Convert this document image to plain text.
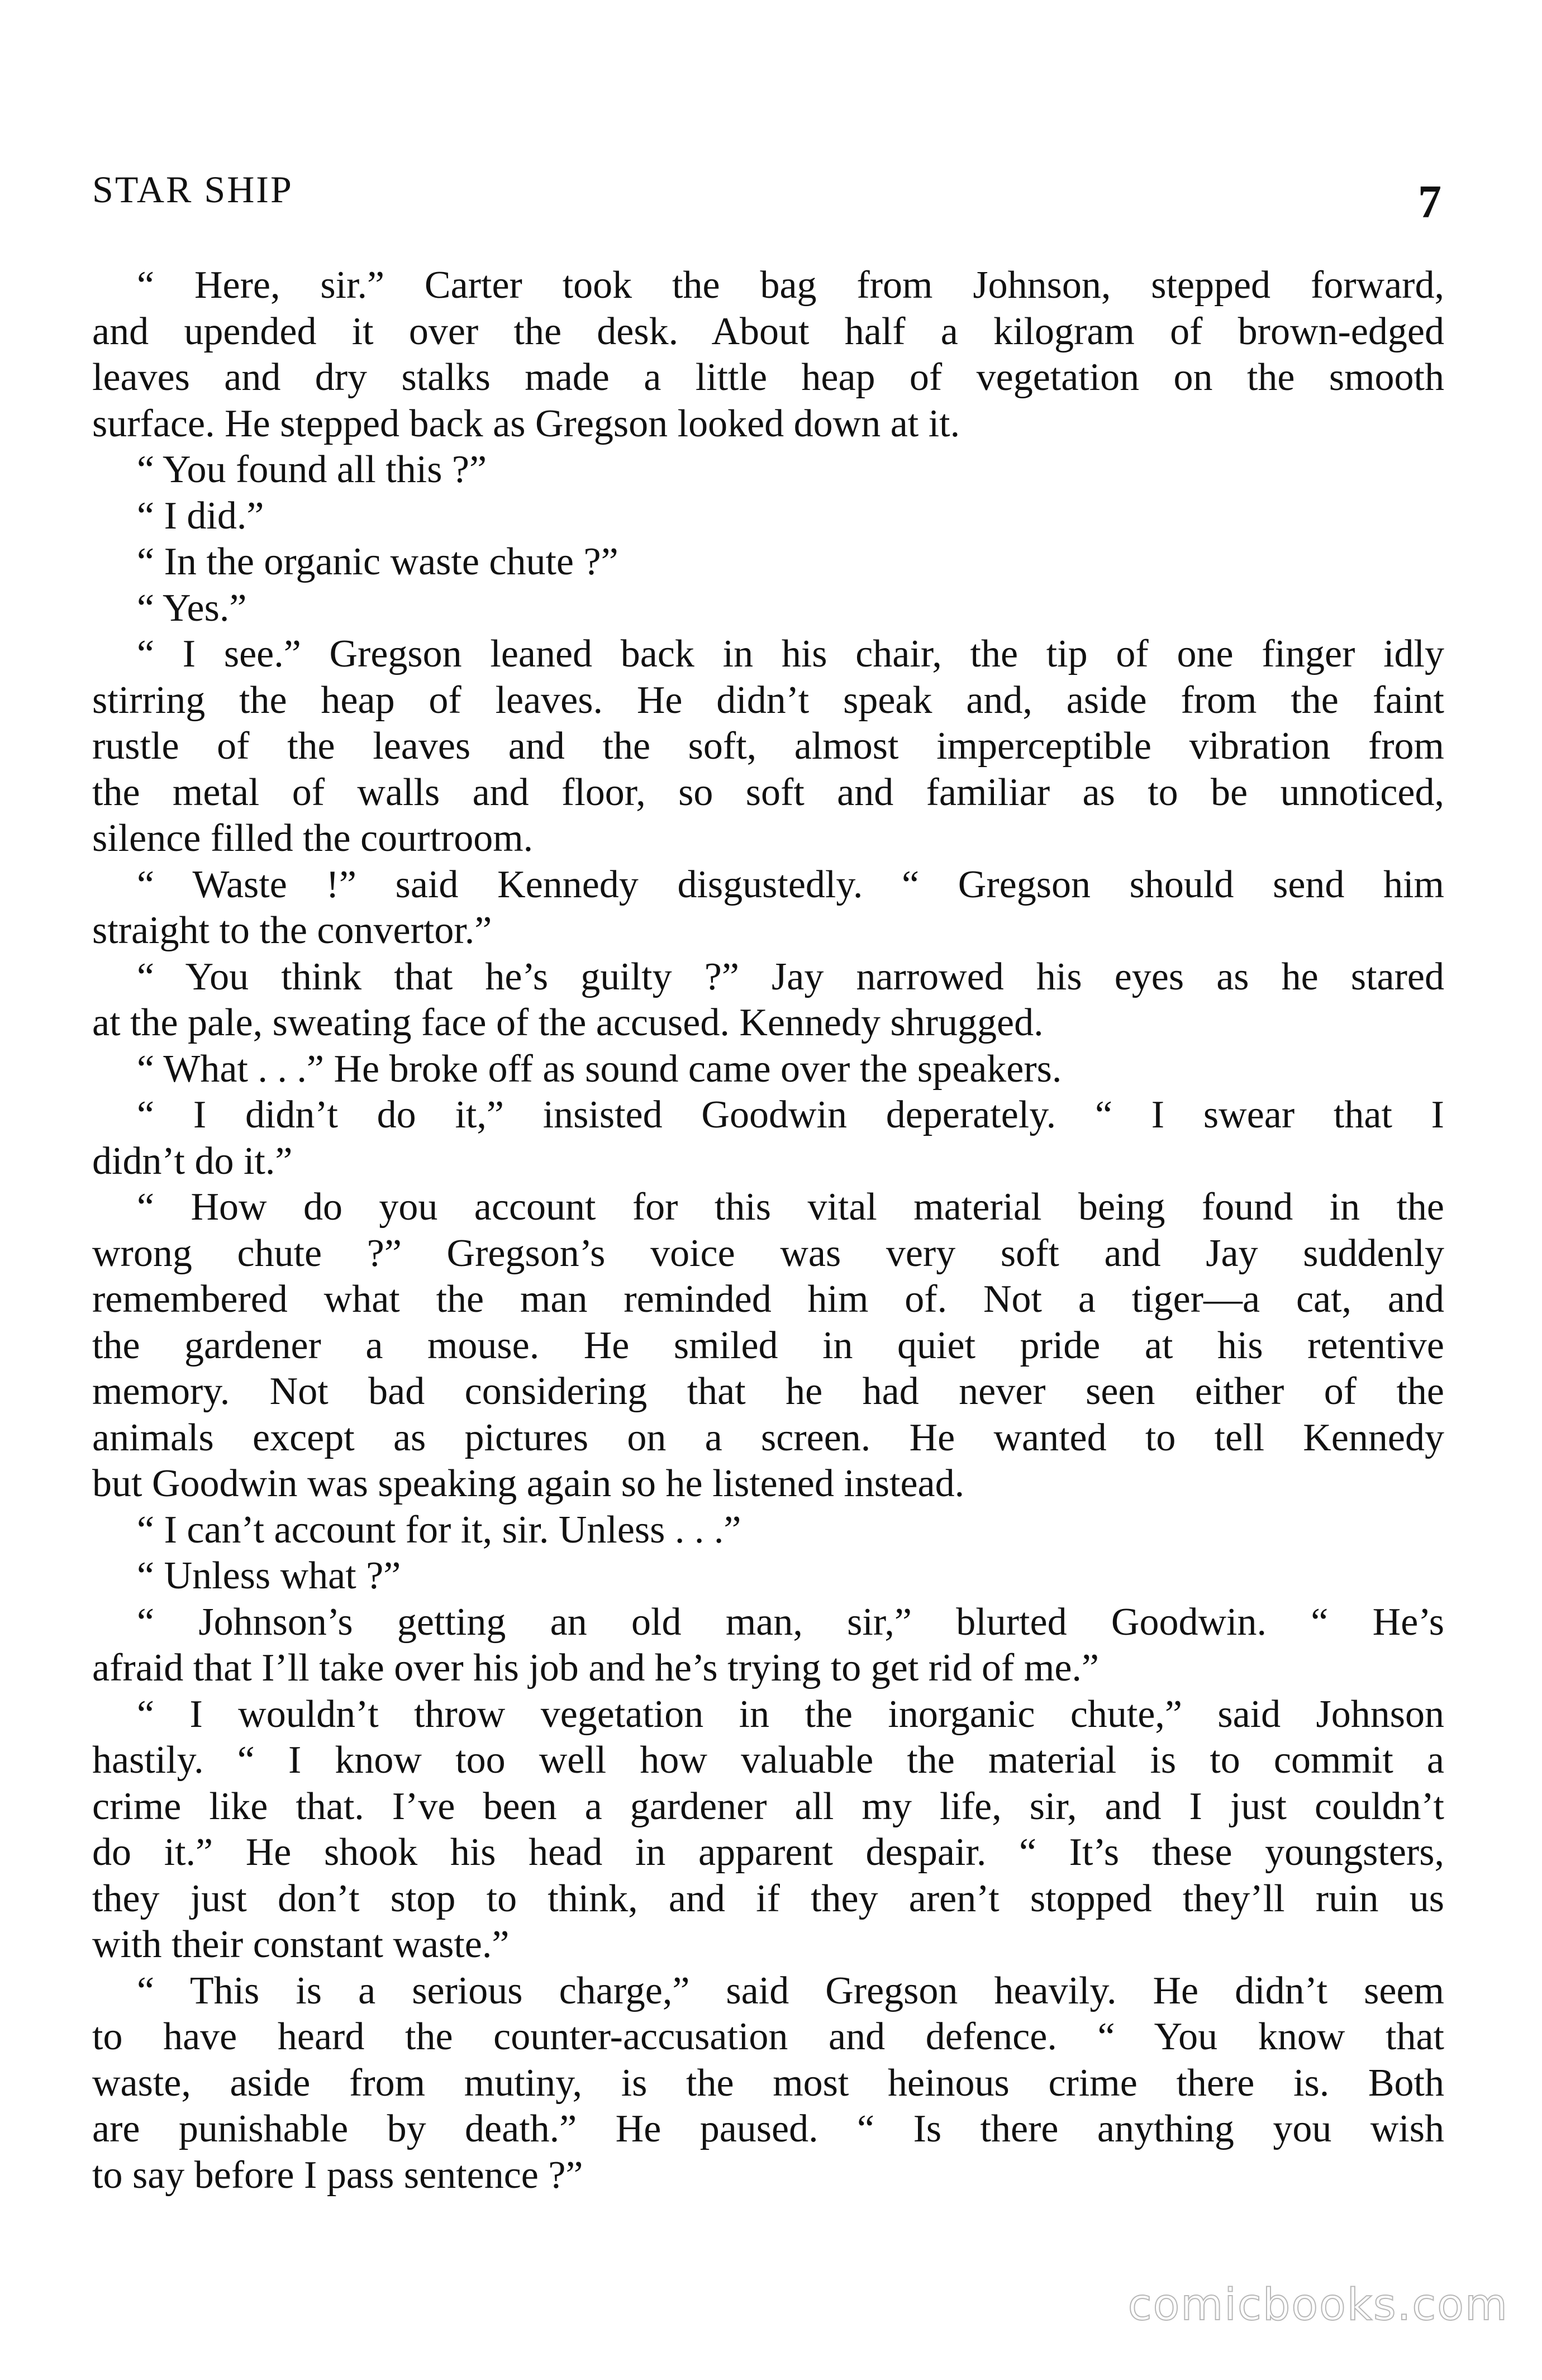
STAR SHIP	7
“ Here, sir.” Carter took the bag from Johnson, stepped forward,
and upended it over the desk. About half a kilogram of brown-edged
leaves and dry stalks made a little heap of vegetation on the smooth
surface. He stepped back as Gregson looked down at it.
“ You found all this ?”
“ I did.”
“ In the organic waste chute ?”
“ Yes.”
“ I see.” Gregson leaned back in his chair, the tip of one finger idly
stirring the heap of leaves. He didn’t speak and, aside from the faint
rustle of the leaves and the soft, almost imperceptible vibration from
the metal of walls and floor, so soft and familiar as to be unnoticed,
silence filled the courtroom.
“ Waste !” said Kennedy disgustedly. “ Gregson should send him
straight to the convertor.”
“ You think that he’s guilty ?” Jay narrowed his eyes as he stared
at the pale, sweating face of the accused. Kennedy shrugged.
“ What . . .” He broke off as sound came over the speakers.
“ I didn’t do it,” insisted Goodwin deperately. “ I swear that I
didn’t do it.”
“ How do you account for this vital material being found in the
wrong chute ?” Gregson’s voice was very soft and Jay suddenly
remembered what the man reminded him of. Not a tiger—a cat, and
the gardener a mouse. He smiled in quiet pride at his retentive
memory. Not bad considering that he had never seen either of the
animals except as pictures on a screen. He wanted to tell Kennedy
but Goodwin was speaking again so he listened instead.
“ I can’t account for it, sir. Unless . . .”
“ Unless what ?”
“ Johnson’s getting an old man, sir,” blurted Goodwin. “ He’s
afraid that I’ll take over his job and he’s trying to get rid of me.”
“ I wouldn’t throw vegetation in the inorganic chute,” said Johnson
hastily. “ I know too well how valuable the material is to commit a
crime like that. I’ve been a gardener all my life, sir, and I just couldn’t
do it.” He shook his head in apparent despair. “ It’s these youngsters,
they just don’t stop to think, and if they aren’t stopped they’ll ruin us
with their constant waste.”
“ This is a serious charge,” said Gregson heavily. He didn’t seem
to have heard the counter-accusation and defence. “ You know that
waste, aside from mutiny, is the most heinous crime there is. Both
are punishable by death.” He paused. “ Is there anything you wish
to say before I pass sentence ?”
comicbooks.com
